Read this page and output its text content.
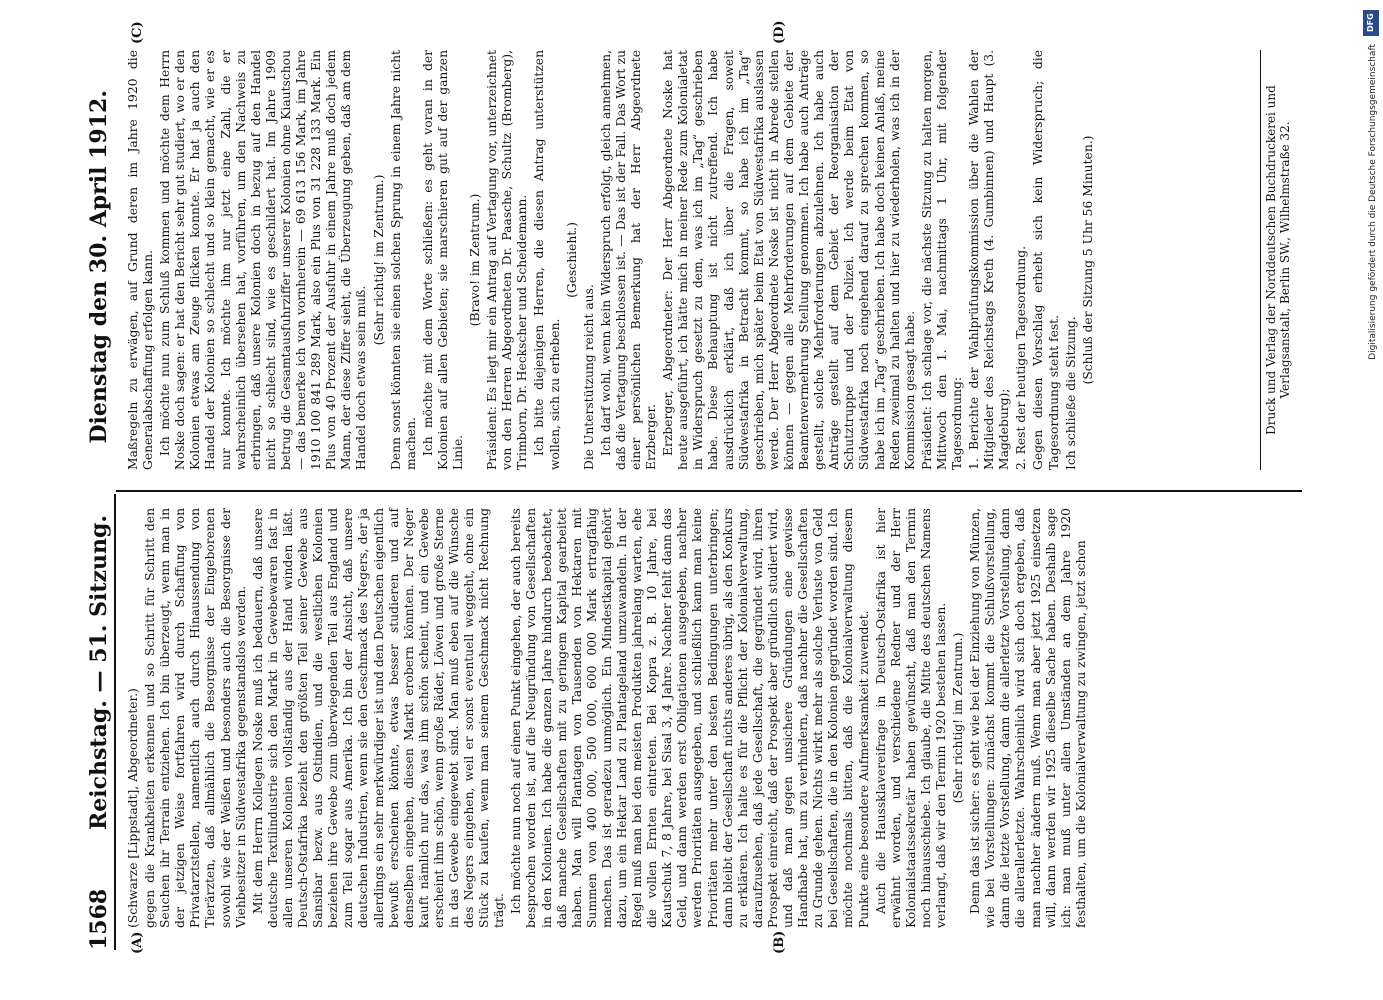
1568
Reichstag. — 51. Sitzung.
Dienstag den 30. April 1912.
(A)	(B)
(C)	(D)

(Schwarze [Lippstadt], Abgeordneter.) gegen die Krankheiten erkennen und so Schritt für Schritt den Seuchen ihr Terrain entziehen. Ich bin überzeugt, wenn man in der jetzigen Weise fortfahren wird durch Schaffung von Privatarztstellen, namentlich auch durch Hinaussendung von Tierärzten, daß allmählich die Besorgnisse der Eingeborenen sowohl wie der Weißen und besonders auch die Besorgnisse der Viehbesitzer in Südwestafrika gegenstandslos werden. Mit dem Herrn Kollegen Noske muß ich bedauern, daß unsere deutsche Textilindustrie sich den Markt in Gewebewaren fast in allen unseren Kolonien vollständig aus der Hand winden läßt. Deutsch-Ostafrika bezieht den größten Teil seiner Gewebe aus Sansibar bezw. aus Ostindien, und die westlichen Kolonien beziehen ihre Gewebe zum überwiegenden Teil aus England und zum Teil sogar aus Amerika. Ich bin der Ansicht, daß unsere deutschen Industrien, wenn sie den Geschmack des Negers, der ja allerdings ein sehr merkwürdiger ist und den Deutschen eigentlich bewußt erscheinen könnte, etwas besser studieren und auf denselben eingehen, diesen Markt erobern könnten. Der Neger kauft nämlich nur das, was ihm schön scheint, und ein Gewebe erscheint ihm schön, wenn große Räder, Löwen und große Sterne in das Gewebe eingewebt sind. Man muß eben auf die Wünsche des Negers eingehen, weil er sonst eventuell weggeht, ohne ein Stück zu kaufen, wenn man seinem Geschmack nicht Rechnung trägt. Ich möchte nun noch auf einen Punkt eingehen, der auch bereits besprochen worden ist, auf die Neugründung von Gesellschaften in den Kolonien. Ich habe die ganzen Jahre hindurch beobachtet, daß manche Gesellschaften mit zu geringem Kapital gearbeitet haben. Man will Plantagen von Tausenden von Hektaren mit Summen von 400 000, 500 000, 600 000 Mark ertragfähig machen. Das ist geradezu unmöglich. Ein Mindestkapital gehört dazu, um ein Hektar Land zu Plantageland umzuwandeln. In der Regel muß man bei den meisten Produkten jahrelang warten, ehe die vollen Ernten eintreten. Bei Kopra z. B. 10 Jahre, bei Kautschuk 7, 8 Jahre, bei Sisal 3, 4 Jahre. Nachher fehlt dann das Geld, und dann werden erst Obligationen ausgegeben, nachher werden Prioritäten ausgegeben, und schließlich kann man keine Prioritäten mehr unter den besten Bedingungen unterbringen; dann bleibt der Gesellschaft nichts anderes übrig, als den Konkurs zu erklären. Ich halte es für die Pflicht der Kolonialverwaltung, daraufzusehen, daß jede Gesellschaft, die gegründet wird, ihren Prospekt einreicht, daß der Prospekt aber gründlich studiert wird, und daß man gegen unsichere Gründungen eine gewisse Handhabe hat, um zu verhindern, daß nachher die Gesellschaften zu Grunde gehen. Nichts wirkt mehr als solche Verluste von Geld bei Gesellschaften, die in den Kolonien gegründet worden sind. Ich möchte nochmals bitten, daß die Kolonialverwaltung diesem Punkte eine besondere Aufmerksamkeit zuwendet. Auch die Haussklavereifrage in Deutsch-Ostafrika ist hier erwähnt worden, und verschiedene Redner und der Herr Kolonialstaatssekretär haben gewünscht, daß man den Termin noch hinausschiebe. Ich glaube, die Mitte des deutschen Namens verlangt, daß wir den Termin 1920 bestehen lassen. (Sehr richtig! im Zentrum.) Denn das ist sicher: es geht wie bei der Einziehung von Münzen, wie bei Vorstellungen: zunächst kommt die Schlußvorstellung, dann die letzte Vorstellung, dann die allerletzte Vorstellung, dann die allerallerletzte. Wahrscheinlich wird sich doch ergeben, daß man nachher ändern muß. Wenn man aber jetzt 1925 einsetzen will, dann werden wir 1925 dieselbe Sache haben. Deshalb sage ich: man muß unter allen Umständen an dem Jahre 1920 festhalten, um die Kolonialverwaltung zu zwingen, jetzt schon

Maßregeln zu erwägen, auf Grund deren im Jahre 1920 die Generalabschaffung erfolgen kann. Ich möchte nun zum Schluß kommen und möchte dem Herrn Noske doch sagen: er hat den Bericht sehr gut studiert, wo er den Kolonien etwas am Zeuge flicken konnte. Er hat ja auch den Handel der Kolonien so schlecht und so klein gemacht, wie er es nur konnte. Ich möchte ihm nur jetzt eine Zahl, die er wahrscheinlich übersehen hat, vorführen, um den Nachweis zu erbringen, daß unsere Kolonien doch in bezug auf den Handel nicht so schlecht sind, wie es geschildert hat. Im Jahre 1909 betrug die Gesamtausfuhrziffer unserer Kolonien ohne Kiautschou — das bemerke ich von vornherein — 69 613 156 Mark, im Jahre 1910 100 841 289 Mark, also ein Plus von 31 228 133 Mark. Ein Plus von 40 Prozent der Ausfuhr in einem Jahre muß doch jedem Mann, der diese Ziffer sieht, die Überzeugung geben, daß am dem Handel doch etwas sein muß.

(Sehr richtig! im Zentrum.) Denn sonst könnten sie einen solchen Sprung in einem Jahre nicht machen. Ich möchte mit dem Worte schließen: es geht voran in der Kolonien auf allen Gebieten; sie marschieren gut auf der ganzen Linie.

(Bravo! im Zentrum.) Präsident: Es liegt mir ein Antrag auf Vertagung vor, unterzeichnet von den Herren Abgeordneten Dr. Paasche, Schultz (Bromberg), Trimborn, Dr. Heckscher und Scheidemann. Ich bitte diejenigen Herren, die diesen Antrag unterstützen wollen, sich zu erheben.

(Geschieht.)

Die Unterstützung reicht aus. Ich darf wohl, wenn kein Widerspruch erfolgt, gleich annehmen, daß die Vertagung beschlossen ist. — Das ist der Fall. Das Wort zu einer persönlichen Bemerkung hat der Herr Abgeordnete Erzberger. Erzberger, Abgeordneter: Der Herr Abgeordnete Noske hat heute ausgeführt, ich hätte mich in meiner Rede zum Kolonialetat in Widerspruch gesetzt zu dem, was ich im „Tag“ geschrieben habe. Diese Behauptung ist nicht zutreffend. Ich habe ausdrücklich erklärt, daß ich über die Fragen, soweit Südwestafrika in Betracht kommt, so habe ich im „Tag“ geschrieben, mich später beim Etat von Südwestafrika auslassen werde. Der Herr Abgeordnete Noske ist nicht in Abrede stellen können — gegen alle Mehrforderungen auf dem Gebiete der Beamtenvermehrung Stellung genommen. Ich habe auch Anträge gestellt, solche Mehrforderungen abzulehnen. Ich habe auch Anträge gestellt auf dem Gebiet der Reorganisation der Schutztruppe und der Polizei. Ich werde beim Etat von Südwestafrika noch eingehend darauf zu sprechen kommen, so habe ich im „Tag“ geschrieben. Ich habe doch keinen Anlaß, meine Reden zweimal zu halten und hier zu wiederholen, was ich in der Kommission gesagt habe. Präsident: Ich schlage vor, die nächste Sitzung zu halten morgen, Mittwoch den 1. Mai, nachmittags 1 Uhr, mit folgender Tagesordnung: 1. Berichte der Wahlprüfungskommission über die Wahlen der Mitglieder des Reichstags Kreth (4. Gumbinnen) und Haupt (3. Magdeburg); 2. Rest der heutigen Tagesordnung. Gegen diesen Vorschlag erhebt sich kein Widerspruch; die Tagesordnung steht fest. Ich schließe die Sitzung.

(Schluß der Sitzung 5 Uhr 56 Minuten.)	Druck und Verlag der Norddeutschen Buchdruckerei und Verlagsanstalt, Berlin SW., Wilhelmstraße 32.
DFG
Digitalisierung gefördert durch die Deutsche Forschungsgemeinschaft
